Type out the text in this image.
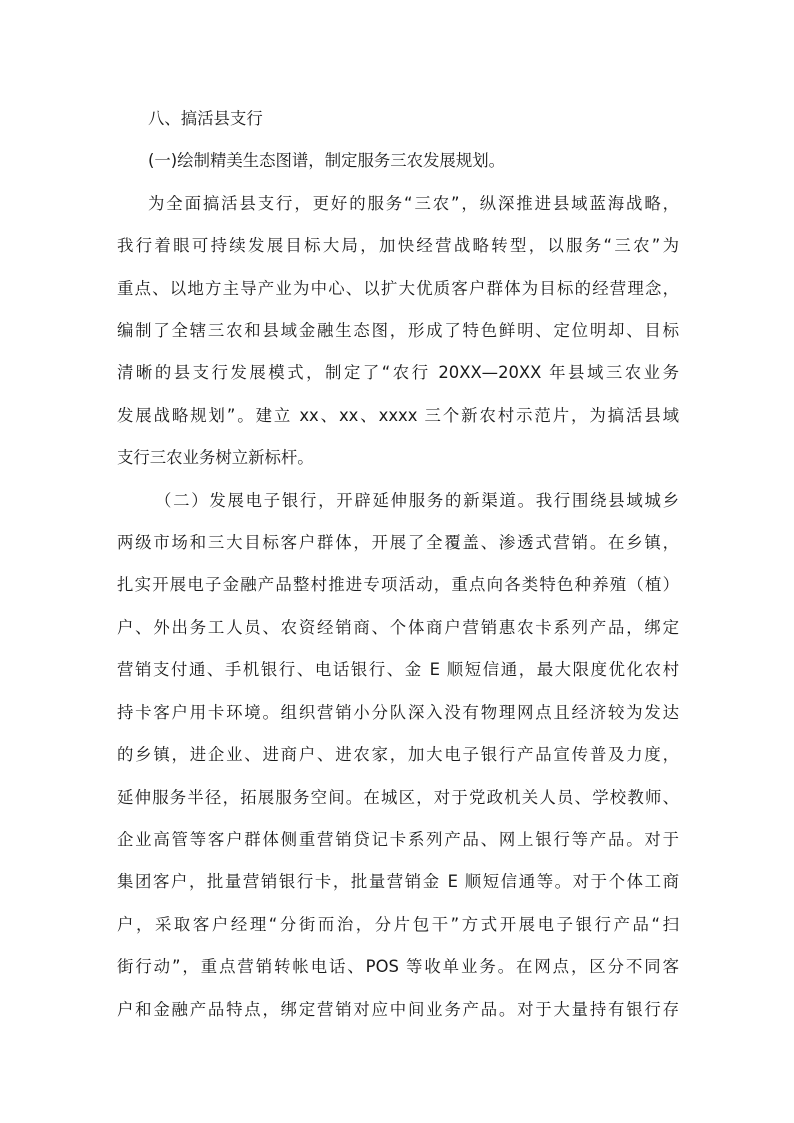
八、搞活县支行
(一)绘制精美生态图谱，制定服务三农发展规划。
为全面搞活县支行，更好的服务“三农”，纵深推进县域蓝海战略，
我行着眼可持续发展目标大局，加快经营战略转型，以服务“三农”为
重点、以地方主导产业为中心、以扩大优质客户群体为目标的经营理念，
编制了全辖三农和县域金融生态图，形成了特色鲜明、定位明却、目标
清晰的县支行发展模式，制定了“农行 20XX—20XX 年县域三农业务
发展战略规划”。建立 xx、xx、xxxx 三个新农村示范片，为搞活县域
支行三农业务树立新标杆。
（二）发展电子银行，开辟延伸服务的新渠道。我行围绕县域城乡
两级市场和三大目标客户群体，开展了全覆盖、渗透式营销。在乡镇，
扎实开展电子金融产品整村推进专项活动，重点向各类特色种养殖（植）
户、外出务工人员、农资经销商、个体商户营销惠农卡系列产品，绑定
营销支付通、手机银行、电话银行、金 E 顺短信通，最大限度优化农村
持卡客户用卡环境。组织营销小分队深入没有物理网点且经济较为发达
的乡镇，进企业、进商户、进农家，加大电子银行产品宣传普及力度，
延伸服务半径，拓展服务空间。在城区，对于党政机关人员、学校教师、
企业高管等客户群体侧重营销贷记卡系列产品、网上银行等产品。对于
集团客户，批量营销银行卡，批量营销金 E 顺短信通等。对于个体工商
户，采取客户经理“分街而治，分片包干”方式开展电子银行产品“扫
街行动”，重点营销转帐电话、POS 等收单业务。在网点，区分不同客
户和金融产品特点，绑定营销对应中间业务产品。对于大量持有银行存
